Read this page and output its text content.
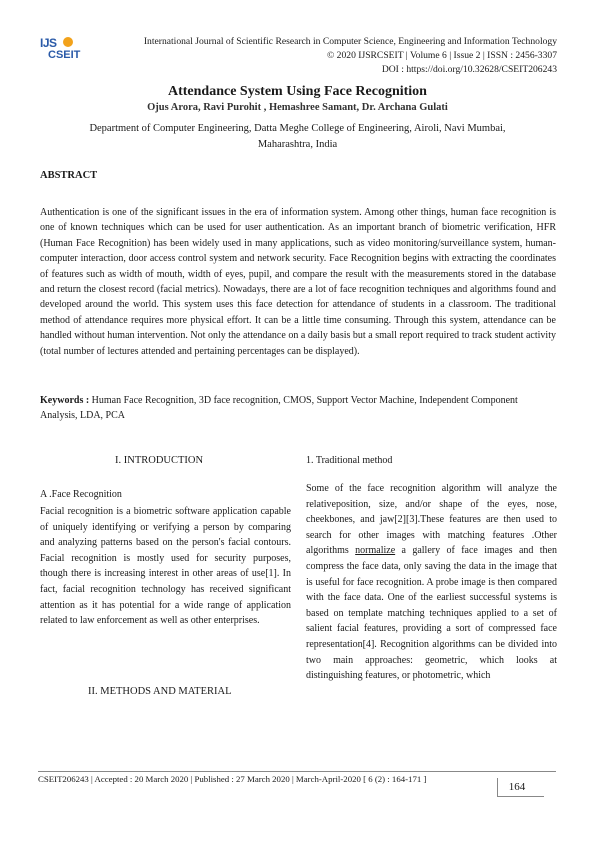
IJS
CSEIT
International Journal of Scientific Research in Computer Science, Engineering and Information Technology
© 2020 IJSRCSEIT | Volume 6 | Issue 2 | ISSN : 2456-3307
DOI : https://doi.org/10.32628/CSEIT206243
Attendance System Using Face Recognition
Ojus Arora, Ravi Purohit , Hemashree Samant, Dr. Archana Gulati
Department of Computer Engineering, Datta Meghe College of Engineering, Airoli, Navi Mumbai,
Maharashtra, India
ABSTRACT
Authentication is one of the significant issues in the era of information system. Among other things, human face recognition is one of known techniques which can be used for user authentication. As an important branch of biometric verification, HFR (Human Face Recognition) has been widely used in many applications, such as video monitoring/surveillance system, human-computer interaction, door access control system and network security. Face Recognition begins with extracting the coordinates of features such as width of mouth, width of eyes, pupil, and compare the result with the measurements stored in the database and return the closest record (facial metrics). Nowadays, there are a lot of face recognition techniques and algorithms found and developed around the world. This system uses this face detection for attendance of students in a classroom. The traditional method of attendance requires more physical effort. It can be a little time consuming. Through this system, attendance can be handled without human intervention. Not only the attendance on a daily basis but a small report required to track student activity (total number of lectures attended and pertaining percentages can be displayed).
Keywords : Human Face Recognition, 3D face recognition, CMOS, Support Vector Machine, Independent Component Analysis, LDA, PCA
I. INTRODUCTION
A .Face Recognition
Facial recognition is a biometric software application capable of uniquely identifying or verifying a person by comparing and analyzing patterns based on the person's facial contours. Facial recognition is mostly used for security purposes, though there is increasing interest in other areas of use[1]. In fact, facial recognition technology has received significant attention as it has potential for a wide range of application related to law enforcement as well as other enterprises.
II. METHODS AND MATERIAL
1. Traditional method
Some of the face recognition algorithm will analyze the relativeposition, size, and/or shape of the eyes, nose, cheekbones, and jaw[2][3].These features are then used to search for other images with matching features .Other algorithms normalize a gallery of face images and then compress the face data, only saving the data in the image that is useful for face recognition. A probe image is then compared with the face data. One of the earliest successful systems is based on template matching techniques applied to a set of salient facial features, providing a sort of compressed face representation[4]. Recognition algorithms can be divided into two main approaches: geometric, which looks at distinguishing features, or photometric, which
CSEIT206243 | Accepted : 20 March 2020 | Published : 27 March 2020 | March-April-2020 [ 6 (2) : 164-171 ]
164
